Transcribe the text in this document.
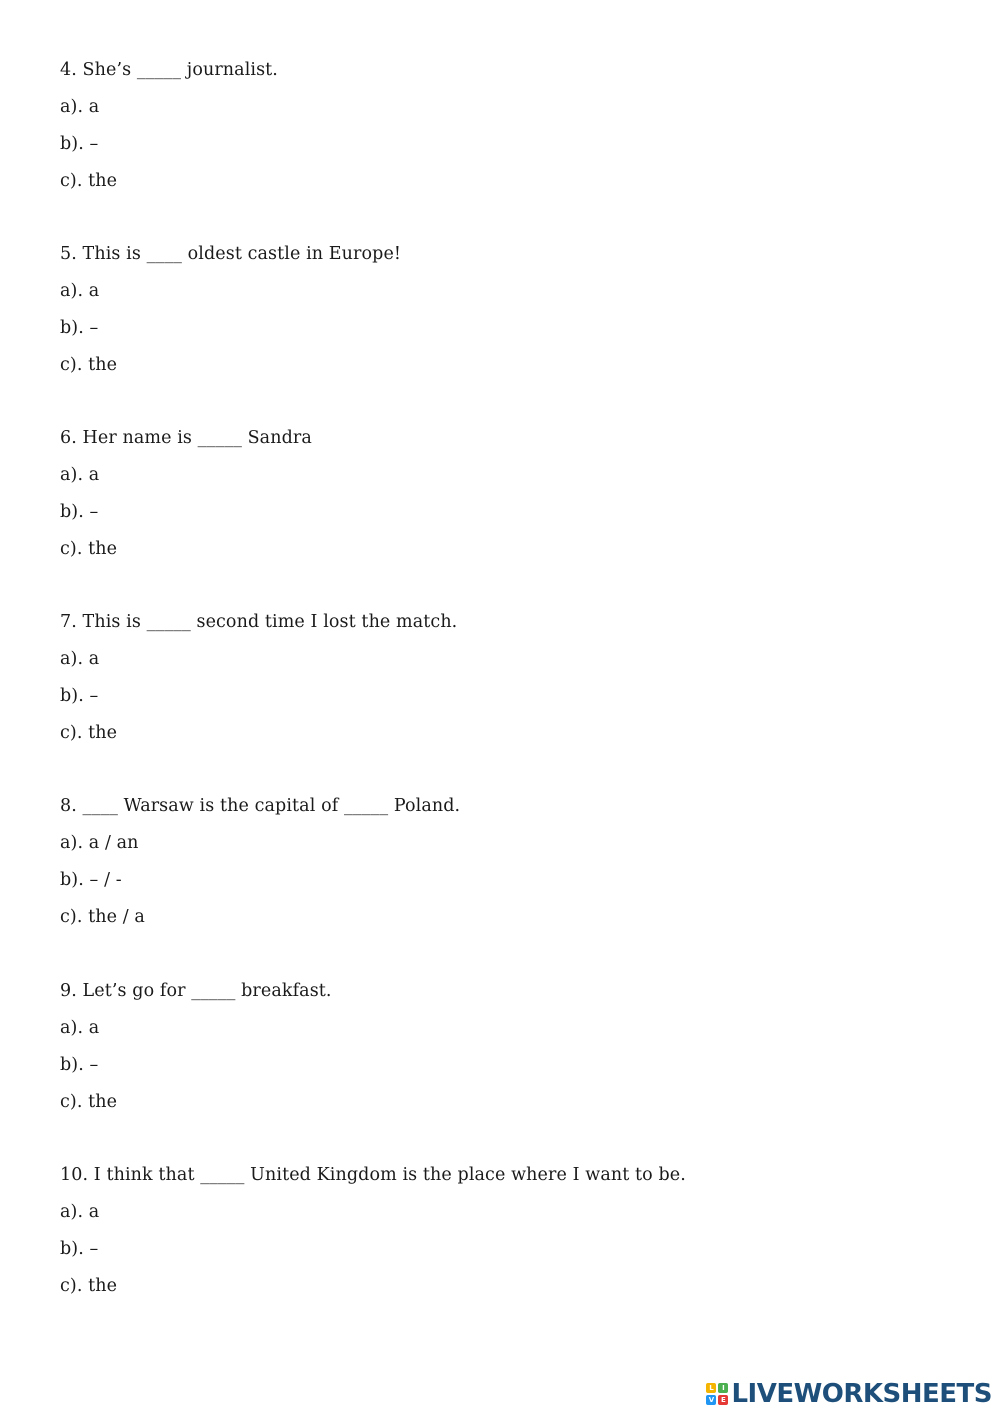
4. She’s _____ journalist.
a). a
b). –
c). the
5. This is ____ oldest castle in Europe!
a). a
b). –
c). the
6. Her name is _____ Sandra
a). a
b). –
c). the
7. This is _____ second time I lost the match.
a). a
b). –
c). the
8. ____ Warsaw is the capital of _____ Poland.
a). a / an
b). – / -
c). the / a
9. Let’s go for _____ breakfast.
a). a
b). –
c). the
10. I think that _____ United Kingdom is the place where I want to be.
a). a
b). –
c). the
L	I
V E LIVEWORKSHEETS
